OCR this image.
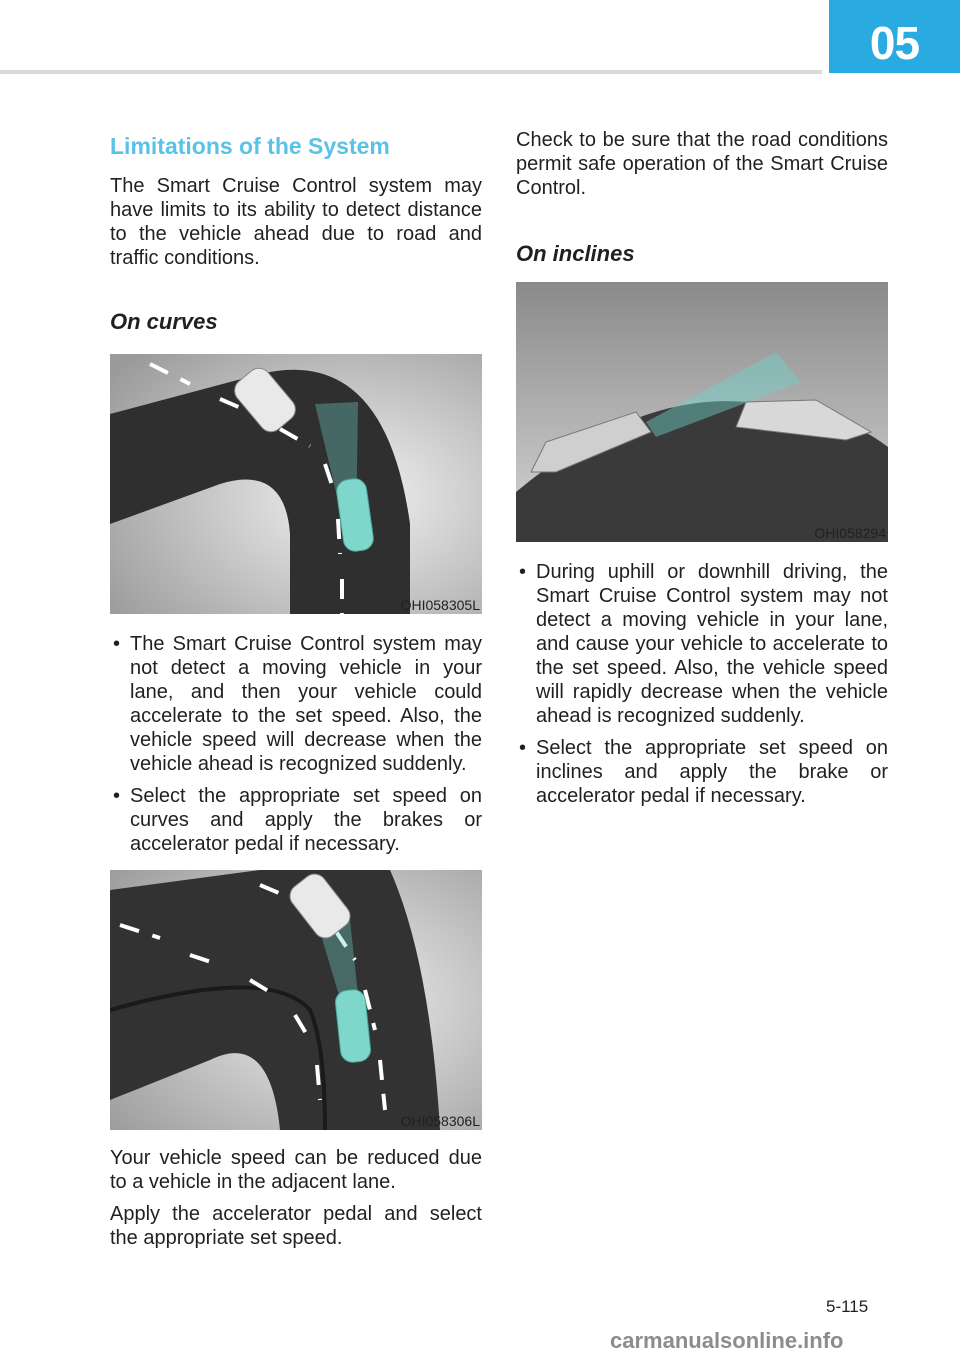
05
Limitations of the System

The Smart Cruise Control system may have limits to its ability to detect distance to the vehicle ahead due to road and traffic conditions.

On curves
OHI058305L
• The Smart Cruise Control system may not detect a moving vehicle in your lane, and then your vehicle could accelerate to the set speed. Also, the vehicle speed will decrease when the vehicle ahead is recognized suddenly.
• Select the appropriate set speed on curves and apply the brakes or accelerator pedal if necessary.
OHI058306L

Your vehicle speed can be reduced due to a vehicle in the adjacent lane.

Apply the accelerator pedal and select the appropriate set speed.

Check to be sure that the road conditions permit safe operation of the Smart Cruise Control.

On inclines
OHI058294
• During uphill or downhill driving, the Smart Cruise Control system may not detect a moving vehicle in your lane, and cause your vehicle to accelerate to the set speed. Also, the vehicle speed will rapidly decrease when the vehicle ahead is recognized suddenly.
• Select the appropriate set speed on inclines and apply the brake or accelerator pedal if necessary.
5-115
carmanualsonline.info
